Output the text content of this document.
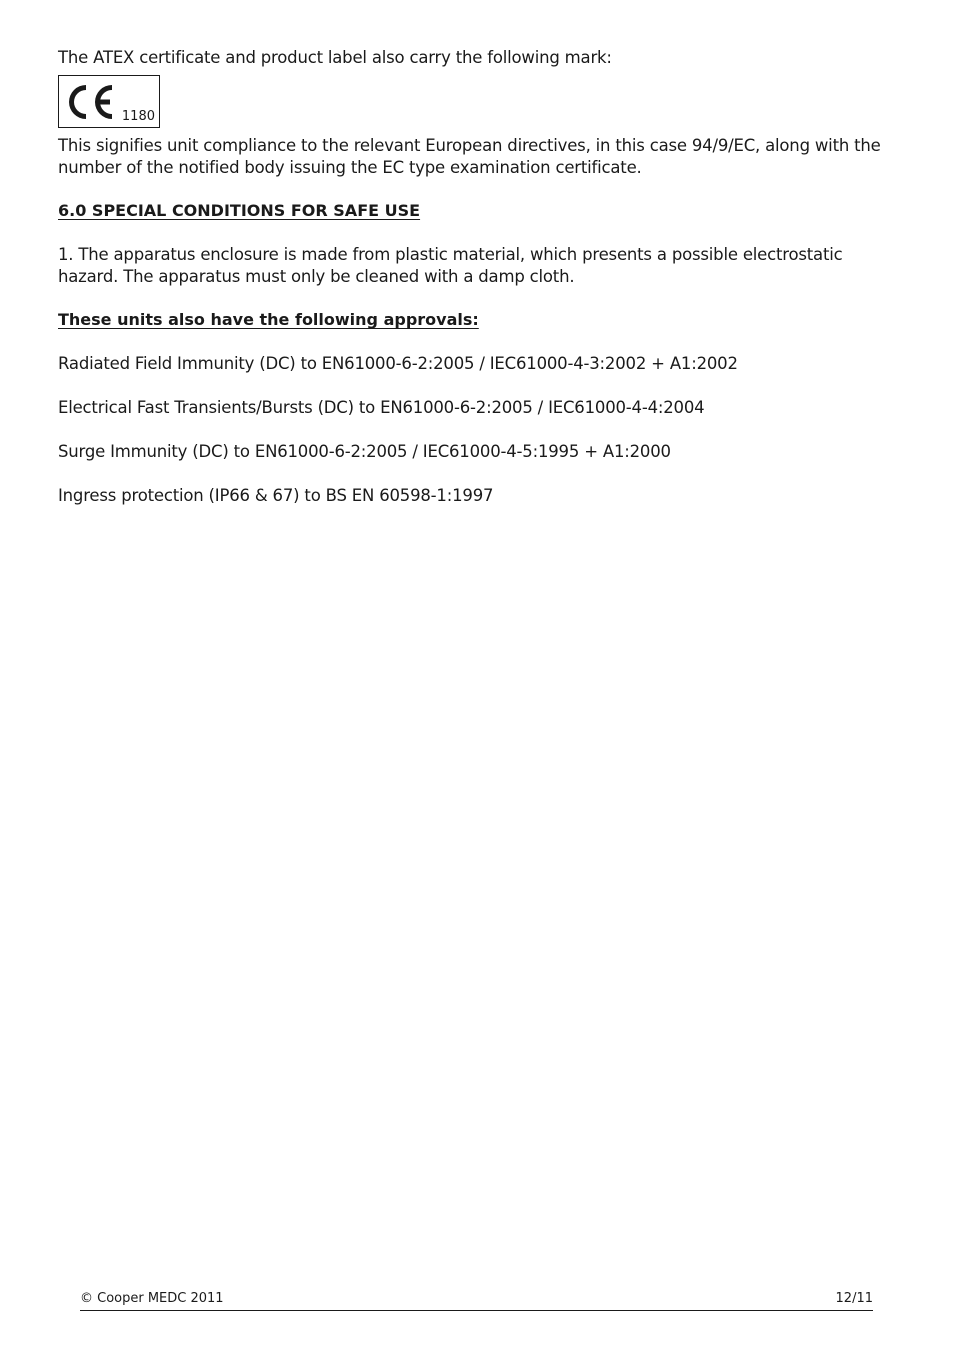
The ATEX certificate and product label also carry the following mark:

1180

This signifies unit compliance to the relevant European directives, in this case 94/9/EC, along with the number of the notified body issuing the EC type examination certificate.

6.0 SPECIAL CONDITIONS FOR SAFE USE

1. The apparatus enclosure is made from plastic material, which presents a possible electrostatic hazard. The apparatus must only be cleaned with a damp cloth.

These units also have the following approvals:

Radiated Field Immunity (DC) to EN61000-6-2:2005 / IEC61000-4-3:2002 + A1:2002

Electrical Fast Transients/Bursts (DC) to EN61000-6-2:2005 / IEC61000-4-4:2004

Surge Immunity (DC) to EN61000-6-2:2005 / IEC61000-4-5:1995 + A1:2000

Ingress protection (IP66 & 67) to BS EN 60598-1:1997

© Cooper MEDC 2011	12/11
